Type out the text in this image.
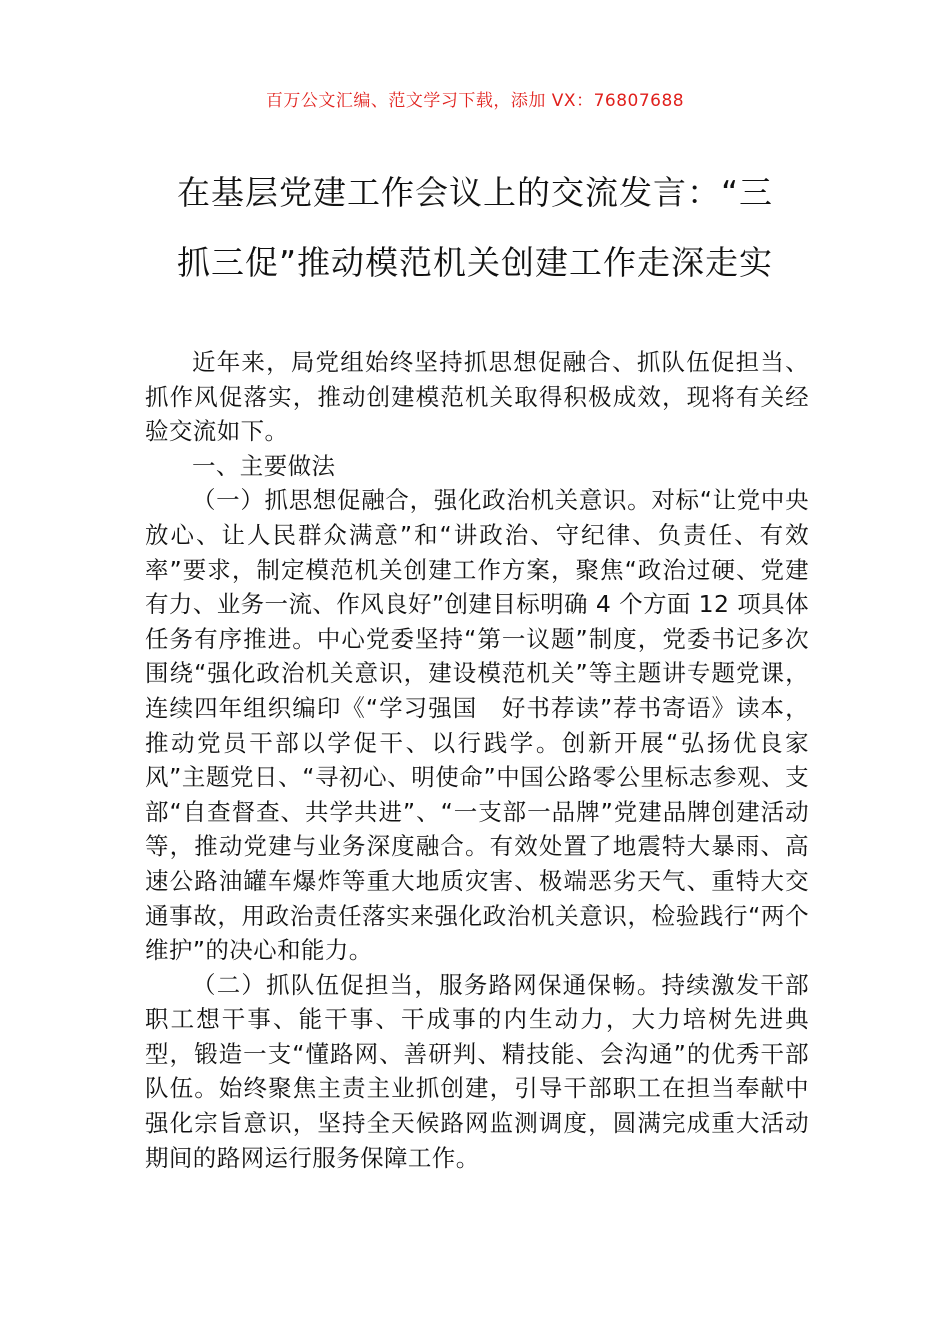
百万公文汇编、范文学习下载，添加 VX：76807688
在基层党建工作会议上的交流发言：“三
抓三促”推动模范机关创建工作走深走实

近年来，局党组始终坚持抓思想促融合、抓队伍促担当、抓作风促落实，推动创建模范机关取得积极成效，现将有关经验交流如下。

一、主要做法

（一）抓思想促融合，强化政治机关意识。对标“让党中央放心、让人民群众满意”和“讲政治、守纪律、负责任、有效率”要求，制定模范机关创建工作方案，聚焦“政治过硬、党建有力、业务一流、作风良好”创建目标明确 4 个方面 12 项具体任务有序推进。中心党委坚持“第一议题”制度，党委书记多次围绕“强化政治机关意识，建设模范机关”等主题讲专题党课，连续四年组织编印《“学习强国　好书荐读”荐书寄语》读本，推动党员干部以学促干、以行践学。创新开展“弘扬优良家风”主题党日、“寻初心、明使命”中国公路零公里标志参观、支部“自查督查、共学共进”、“一支部一品牌”党建品牌创建活动等，推动党建与业务深度融合。有效处置了地震特大暴雨、高速公路油罐车爆炸等重大地质灾害、极端恶劣天气、重特大交通事故，用政治责任落实来强化政治机关意识，检验践行“两个维护”的决心和能力。

（二）抓队伍促担当，服务路网保通保畅。持续激发干部职工想干事、能干事、干成事的内生动力，大力培树先进典型，锻造一支“懂路网、善研判、精技能、会沟通”的优秀干部队伍。始终聚焦主责主业抓创建，引导干部职工在担当奉献中强化宗旨意识，坚持全天候路网监测调度，圆满完成重大活动期间的路网运行服务保障工作。
